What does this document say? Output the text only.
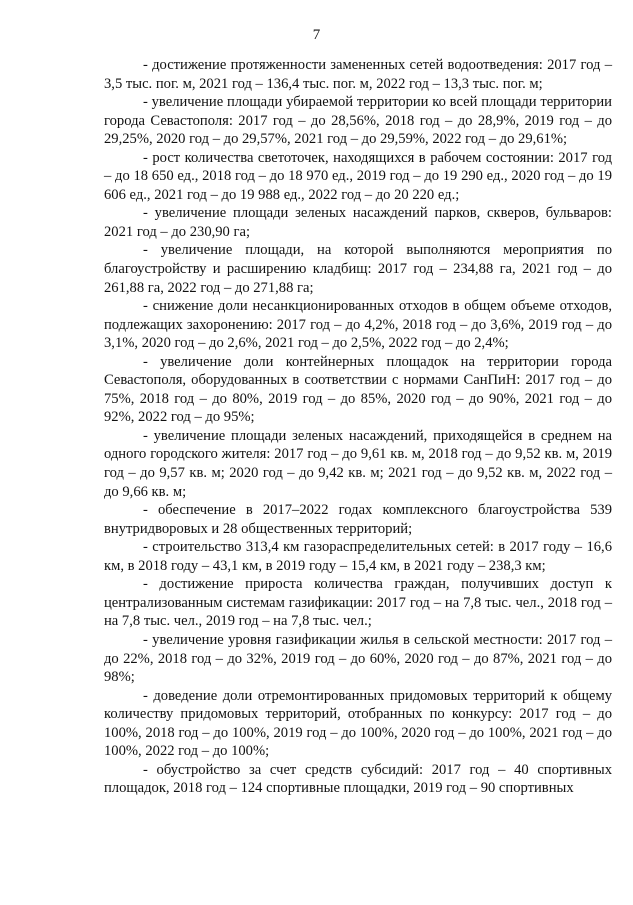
7

- достижение протяженности замененных сетей водоотведения: 2017 год – 3,5 тыс. пог. м, 2021 год – 136,4 тыс. пог. м, 2022 год – 13,3 тыс. пог. м;

- увеличение площади убираемой территории ко всей площади территории города Севастополя: 2017 год – до 28,56%, 2018 год – до 28,9%, 2019 год – до 29,25%, 2020 год – до 29,57%, 2021 год – до 29,59%, 2022 год – до 29,61%;

- рост количества светоточек, находящихся в рабочем состоянии: 2017 год – до 18 650 ед., 2018 год – до 18 970 ед., 2019 год – до 19 290 ед., 2020 год – до 19 606 ед., 2021 год – до 19 988 ед., 2022 год – до 20 220 ед.;

- увеличение площади зеленых насаждений парков, скверов, бульваров: 2021 год – до 230,90 га;

- увеличение площади, на которой выполняются мероприятия по благоустройству и расширению кладбищ: 2017 год – 234,88 га, 2021 год – до 261,88 га, 2022 год – до 271,88 га;

- снижение доли несанкционированных отходов в общем объеме отходов, подлежащих захоронению: 2017 год – до 4,2%, 2018 год – до 3,6%, 2019 год – до 3,1%, 2020 год – до 2,6%, 2021 год – до 2,5%, 2022 год – до 2,4%;

- увеличение доли контейнерных площадок на территории города Севастополя, оборудованных в соответствии с нормами СанПиН: 2017 год – до 75%, 2018 год – до 80%, 2019 год – до 85%, 2020 год – до 90%, 2021 год – до 92%, 2022 год – до 95%;

- увеличение площади зеленых насаждений, приходящейся в среднем на одного городского жителя: 2017 год – до 9,61 кв. м, 2018 год – до 9,52 кв. м, 2019 год – до 9,57 кв. м; 2020 год – до 9,42 кв. м; 2021 год – до 9,52 кв. м, 2022 год – до 9,66 кв. м;

- обеспечение в 2017–2022 годах комплексного благоустройства 539 внутридворовых и 28 общественных территорий;

- строительство 313,4 км газораспределительных сетей: в 2017 году – 16,6 км, в 2018 году – 43,1 км, в 2019 году – 15,4 км, в 2021 году – 238,3 км;

- достижение прироста количества граждан, получивших доступ к централизованным системам газификации: 2017 год – на 7,8 тыс. чел., 2018 год – на 7,8 тыс. чел., 2019 год – на 7,8 тыс. чел.;

- увеличение уровня газификации жилья в сельской местности: 2017 год – до 22%, 2018 год – до 32%, 2019 год – до 60%, 2020 год – до 87%, 2021 год – до 98%;

- доведение доли отремонтированных придомовых территорий к общему количеству придомовых территорий, отобранных по конкурсу: 2017 год – до 100%, 2018 год – до 100%, 2019 год – до 100%, 2020 год – до 100%, 2021 год – до 100%, 2022 год – до 100%;

- обустройство за счет средств субсидий: 2017 год – 40 спортивных площадок, 2018 год – 124 спортивные площадки, 2019 год – 90 спортивных
